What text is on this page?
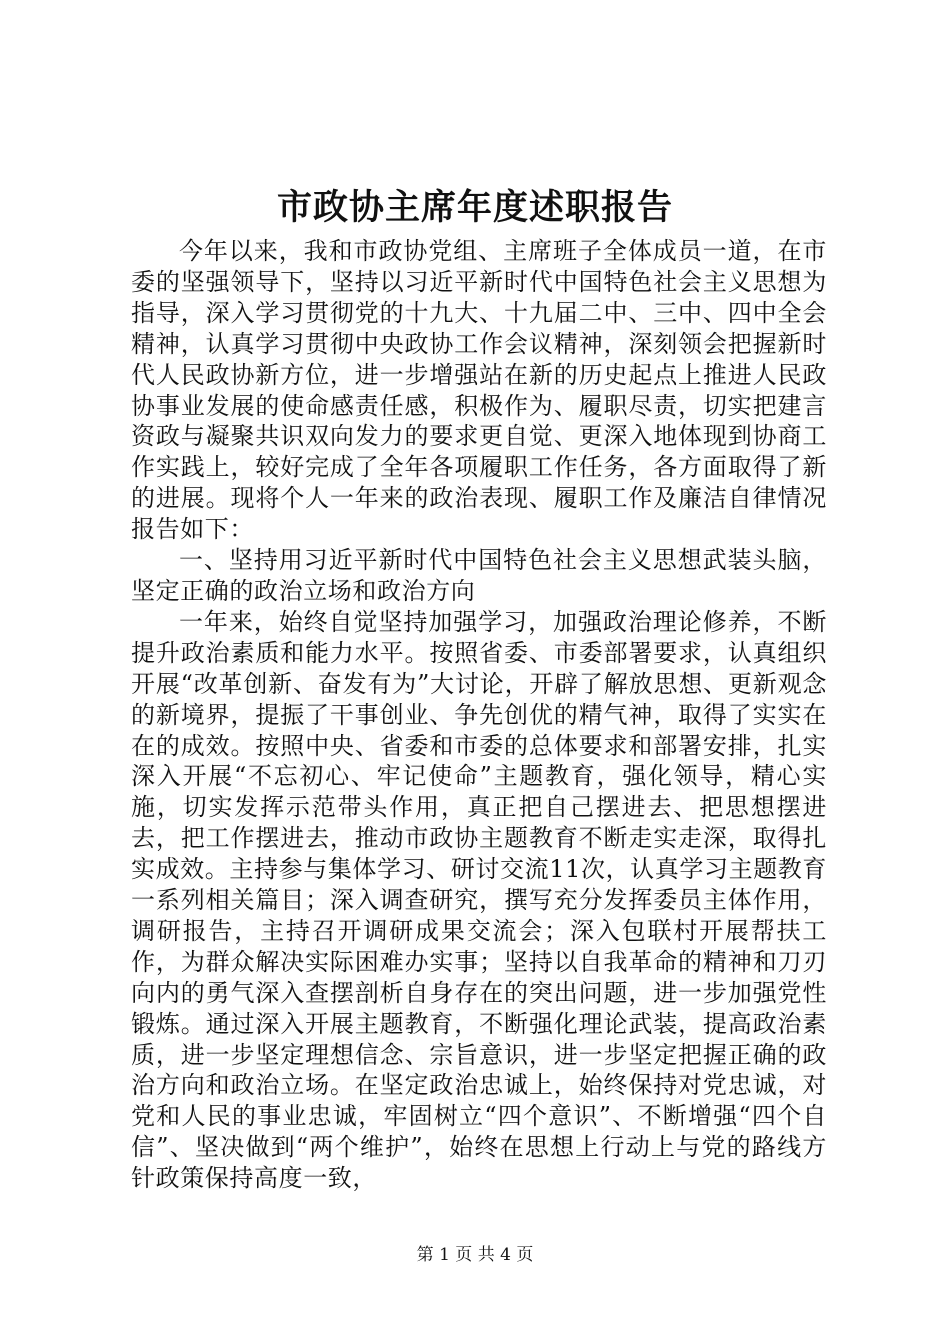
市政协主席年度述职报告

今年以来，我和市政协党组、主席班子全体成员一道，在市委的坚强领导下，坚持以习近平新时代中国特色社会主义思想为指导，深入学习贯彻党的十九大、十九届二中、三中、四中全会精神，认真学习贯彻中央政协工作会议精神，深刻领会把握新时代人民政协新方位，进一步增强站在新的历史起点上推进人民政协事业发展的使命感责任感，积极作为、履职尽责，切实把建言资政与凝聚共识双向发力的要求更自觉、更深入地体现到协商工作实践上，较好完成了全年各项履职工作任务，各方面取得了新的进展。现将个人一年来的政治表现、履职工作及廉洁自律情况报告如下：

一、坚持用习近平新时代中国特色社会主义思想武装头脑，坚定正确的政治立场和政治方向

一年来，始终自觉坚持加强学习，加强政治理论修养，不断提升政治素质和能力水平。按照省委、市委部署要求，认真组织开展“改革创新、奋发有为”大讨论，开辟了解放思想、更新观念的新境界，提振了干事创业、争先创优的精气神，取得了实实在在的成效。按照中央、省委和市委的总体要求和部署安排，扎实深入开展“不忘初心、牢记使命”主题教育，强化领导，精心实施，切实发挥示范带头作用，真正把自己摆进去、把思想摆进去，把工作摆进去，推动市政协主题教育不断走实走深，取得扎实成效。主持参与集体学习、研讨交流11次，认真学习主题教育一系列相关篇目；深入调查研究，撰写充分发挥委员主体作用，调研报告，主持召开调研成果交流会；深入包联村开展帮扶工作，为群众解决实际困难办实事；坚持以自我革命的精神和刀刃向内的勇气深入查摆剖析自身存在的突出问题，进一步加强党性锻炼。通过深入开展主题教育，不断强化理论武装，提高政治素质，进一步坚定理想信念、宗旨意识，进一步坚定把握正确的政治方向和政治立场。在坚定政治忠诚上，始终保持对党忠诚，对党和人民的事业忠诚，牢固树立“四个意识”、不断增强“四个自信”、坚决做到“两个维护”，始终在思想上行动上与党的路线方针政策保持高度一致，

第 1 页 共 4 页
